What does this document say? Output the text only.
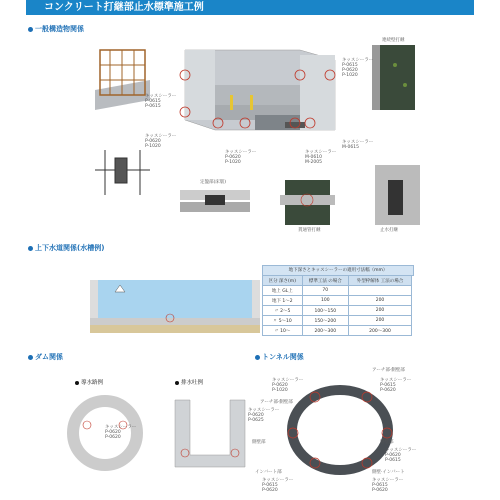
コンクリート打継部止水標準施工例
一般構造物関係
キッスシーラー
P-0615
P-0615
キッスシーラー
P-0620
P-1020
キッスシーラー
P-0620
P-1020
キッスシーラー
M-0610
M-2005
キッスシーラー
P-0615
P-0620
P-1020
キッスシーラー
M-0615
連続壁打継
定盤部(床版)
貫通管打継	止水打継
上下水道関係(水槽例)
地下深さとキッスシーラーの適用寸法幅（mm）
区分 深さ(m)	標準工法 の場合	外型枠解体 工法の場合
地上 GL上	70	
地下 1〜2	100	200
〃 2〜5	100〜150	200
〃 5〜10	150〜200	200
〃 10〜	200〜300	200〜300
ダム関係
導水路例	排水吐例
キッスシーラー
P-0620
P-0620
トンネル関係
キッスシーラー
P-0620
P-1020
アーチ部·側壁部
キッスシーラー
P-0615
P-0620
アーチ部·側壁部
キッスシーラー
P-0620
P-0625
側壁部	側壁部
インバート部
キッスシーラー
P-0615
P-0620
キッスシーラー
P-0620
P-0615
側壁·インバート
キッスシーラー
P-0615
P-0620
